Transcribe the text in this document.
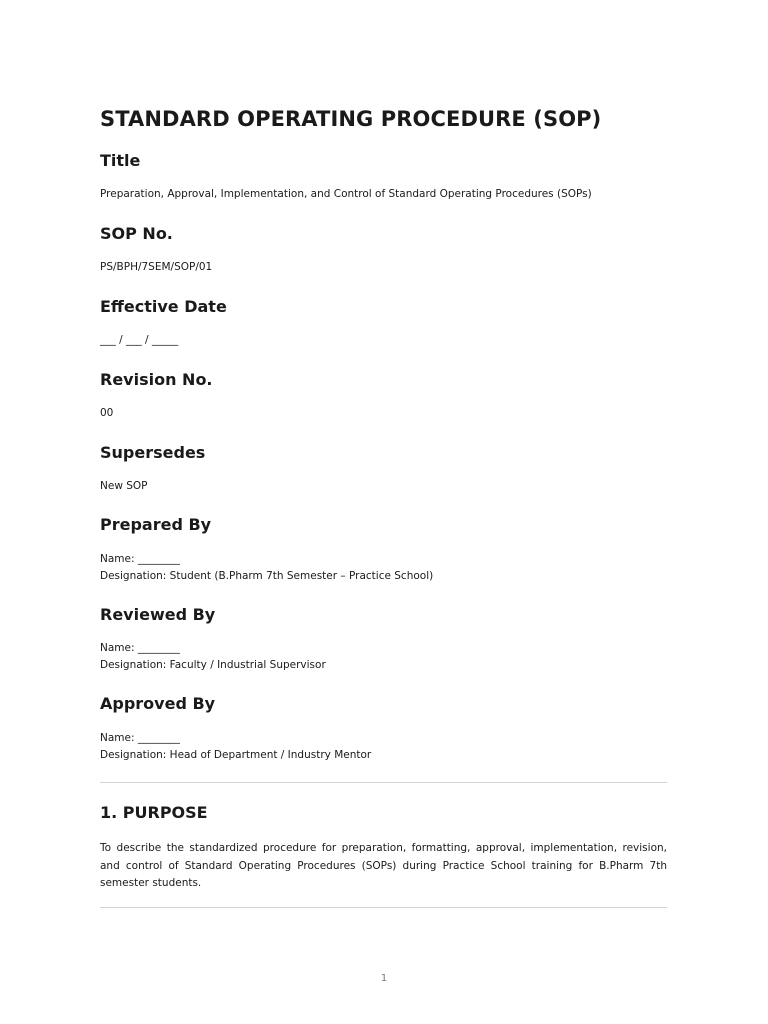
STANDARD OPERATING PROCEDURE (SOP)
Title

Preparation, Approval, Implementation, and Control of Standard Operating Procedures (SOPs)

SOP No.

PS/BPH/7SEM/SOP/01

Effective Date

___ / ___ / _____

Revision No.

00

Supersedes

New SOP

Prepared By

Name: ________

Designation: Student (B.Pharm 7th Semester – Practice School)

Reviewed By

Name: ________

Designation: Faculty / Industrial Supervisor

Approved By

Name: ________

Designation: Head of Department / Industry Mentor

1. PURPOSE

To describe the standardized procedure for preparation, formatting, approval, implementation, revision, and control of Standard Operating Procedures (SOPs) during Practice School training for B.Pharm 7th semester students.

1
